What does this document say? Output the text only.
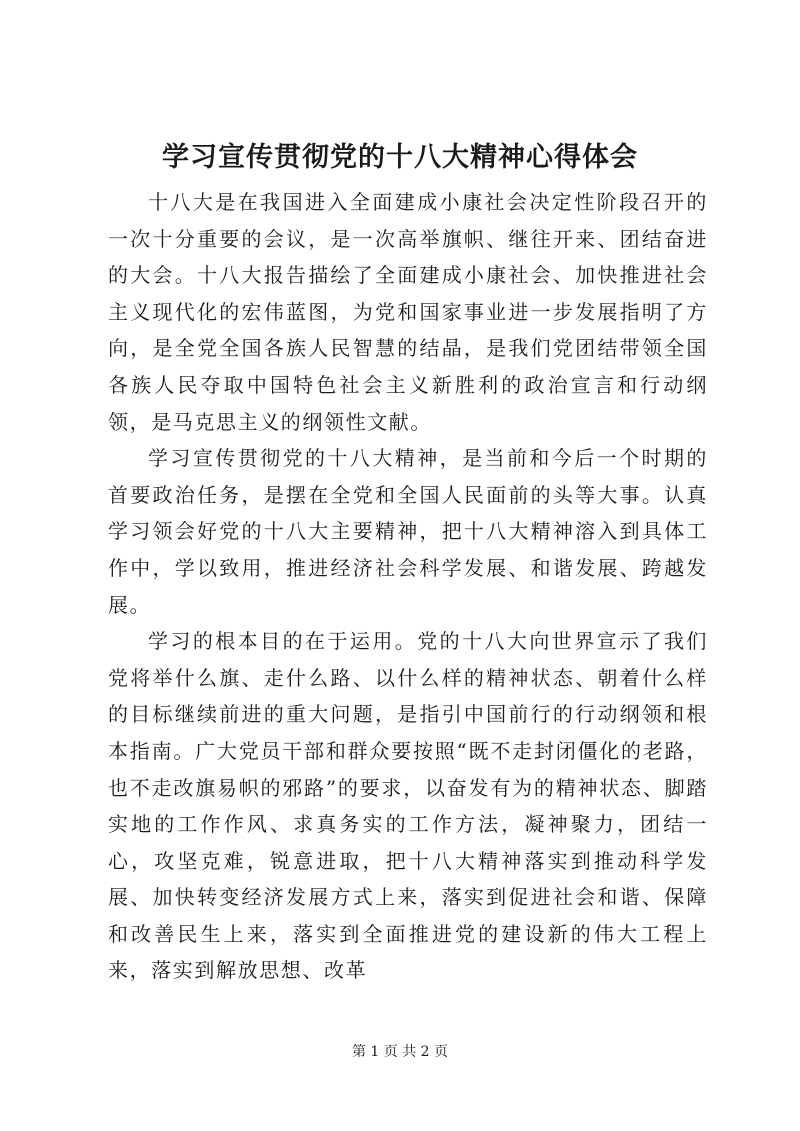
学习宣传贯彻党的十八大精神心得体会

十八大是在我国进入全面建成小康社会决定性阶段召开的一次十分重要的会议，是一次高举旗帜、继往开来、团结奋进的大会。十八大报告描绘了全面建成小康社会、加快推进社会主义现代化的宏伟蓝图，为党和国家事业进一步发展指明了方向，是全党全国各族人民智慧的结晶，是我们党团结带领全国各族人民夺取中国特色社会主义新胜利的政治宣言和行动纲领，是马克思主义的纲领性文献。

学习宣传贯彻党的十八大精神，是当前和今后一个时期的首要政治任务，是摆在全党和全国人民面前的头等大事。认真学习领会好党的十八大主要精神，把十八大精神溶入到具体工作中，学以致用，推进经济社会科学发展、和谐发展、跨越发展。

学习的根本目的在于运用。党的十八大向世界宣示了我们党将举什么旗、走什么路、以什么样的精神状态、朝着什么样的目标继续前进的重大问题，是指引中国前行的行动纲领和根本指南。广大党员干部和群众要按照“既不走封闭僵化的老路，也不走改旗易帜的邪路”的要求，以奋发有为的精神状态、脚踏实地的工作作风、求真务实的工作方法，凝神聚力，团结一心，攻坚克难，锐意进取，把十八大精神落实到推动科学发展、加快转变经济发展方式上来，落实到促进社会和谐、保障和改善民生上来，落实到全面推进党的建设新的伟大工程上来，落实到解放思想、改革

第 1 页 共 2 页
